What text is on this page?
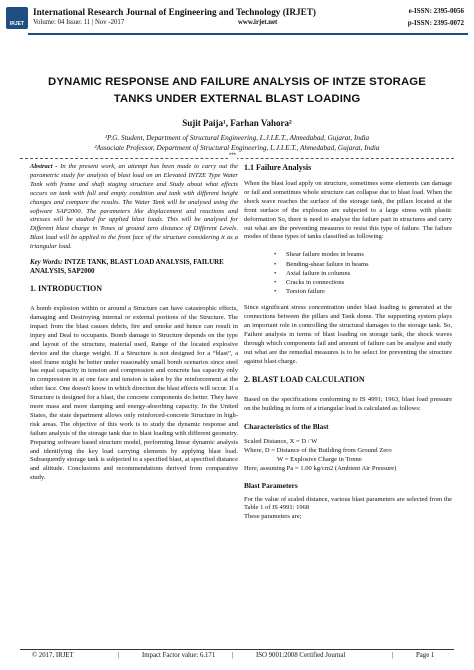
IRJET
International Research Journal of Engineering and Technology (IRJET)
Volume: 04 Issue: 11 | Nov -2017	www.irjet.net
e-ISSN: 2395-0056
p-ISSN: 2395-0072
DYNAMIC RESPONSE AND FAILURE ANALYSIS OF INTZE STORAGE
TANKS UNDER EXTERNAL BLAST LOADING
Sujit Paija¹, Farhan Vahora²
¹P.G. Student, Department of Structural Engineering, L.J.I.E.T., Ahmedabad, Gujarat, India
²Associate Professor, Department of Structural Engineering, L.J.I.E.T., Ahmedabad, Gujarat, India
***

Abstract - In the present work, an attempt has been made to carry out the parametric study for analysis of blast load on an Elevated INTZE Type Water Tank with frame and shaft staging structure and Study about what effects occurs on tank with full and empty condition and tank with different height changes and compare the results. The Water Tank will be analysed using the software SAP2000. The parameters like displacement and reactions and stresses will be studied for applied blast loads. This will be analysed for Different blast charge in Tones at ground zero distance of Different Levels. Blast load will be applied to the front face of the structure considering it as a triangular load.

Key Words: INTZE TANK, BLAST LOAD ANALYSIS, FAILURE ANALYSIS, SAP2000

1. INTRODUCTION

A bomb explosion within or around a Structure can have catastrophic effects, damaging and Destroying internal or external portions of the Structure. The impact from the blast causes debris, fire and smoke and hence can result in injury and Deal to occupants. Bomb damage to Structure depends on the type and layout of the structure, material used, Range of the located explosive device and the charge weight. If a Structure is not designed for a “blast”, a steel frame might be better under reasonably small bomb scenarios since steel has equal capacity in tension and compression and concrete has capacity only in compression in at one face and tension is taken by the reinforcement at the other face. One doesn't know in which direction the blast effects will occur. If a Structure is designed for a blast, the concrete components do better. They have more mass and more damping and energy-absorbing capacity. In the United States, the state department allows only reinforced-concrete Structure in high-risk areas. The objective of this work is to study the dynamic response and failure analysis of the storage tank due to blast loading with different geometry. Preparing software based structure model, performing linear dynamic analysis and identifying the key load carrying elements by applying blast load. Subsequently storage tank is subjected to a specified blast, at specified distance and altitude. Conclusions and recommendations derived from comparative study.

1.1 Failure Analysis

When the blast load apply on structure, sometimes some elements can damage or fail and sometimes whole structure can collapse due to blast load. When the shock wave reaches the surface of the storage tank, the pillars located at the front surface of the explosion are subjected to a large stress with plastic deformation So, there is need to analyse the failure part in structures and carry out what are the preventing measures to resist this type of failure. The failure modes of these types of tanks classified as following:

• Shear failure modes in beams
• Bending-shear failure in beams
• Axial failure in columns
• Cracks in connections
• Torsion failure

Since significant stress concentration under blast loading is generated at the connections between the pillars and Tank dome. The supporting system plays an important role in controlling the structural damages to the storage tank. So, Failure analysis in terms of blast loading on storage tank, the shock waves through which components fail and amount of failure can be analyse and study out what are the remedial measures is to be select for preventing the structure against blast charge.

2. BLAST LOAD CALCULATION

Based on the specifications conforming to IS 4991; 1963, blast load pressure on the building in form of a triangular load is calculated as follows:

Characteristics of the Blast
Scaled Distance, X = D / W
Where, D = Distance of the Building from Ground Zero
W = Explosive Charge in Tonne
Here, assuming Pa = 1.00 kg/cm2 (Ambient Air Pressure)
Blast Parameters

For the value of scaled distance, various blast parameters are selected from the Table 1 of IS 4991: 1968

These parameters are;

© 2017, IRJET	|	Impact Factor value: 6.171 |	ISO 9001:2008 Certified Journal	|	Page 1
